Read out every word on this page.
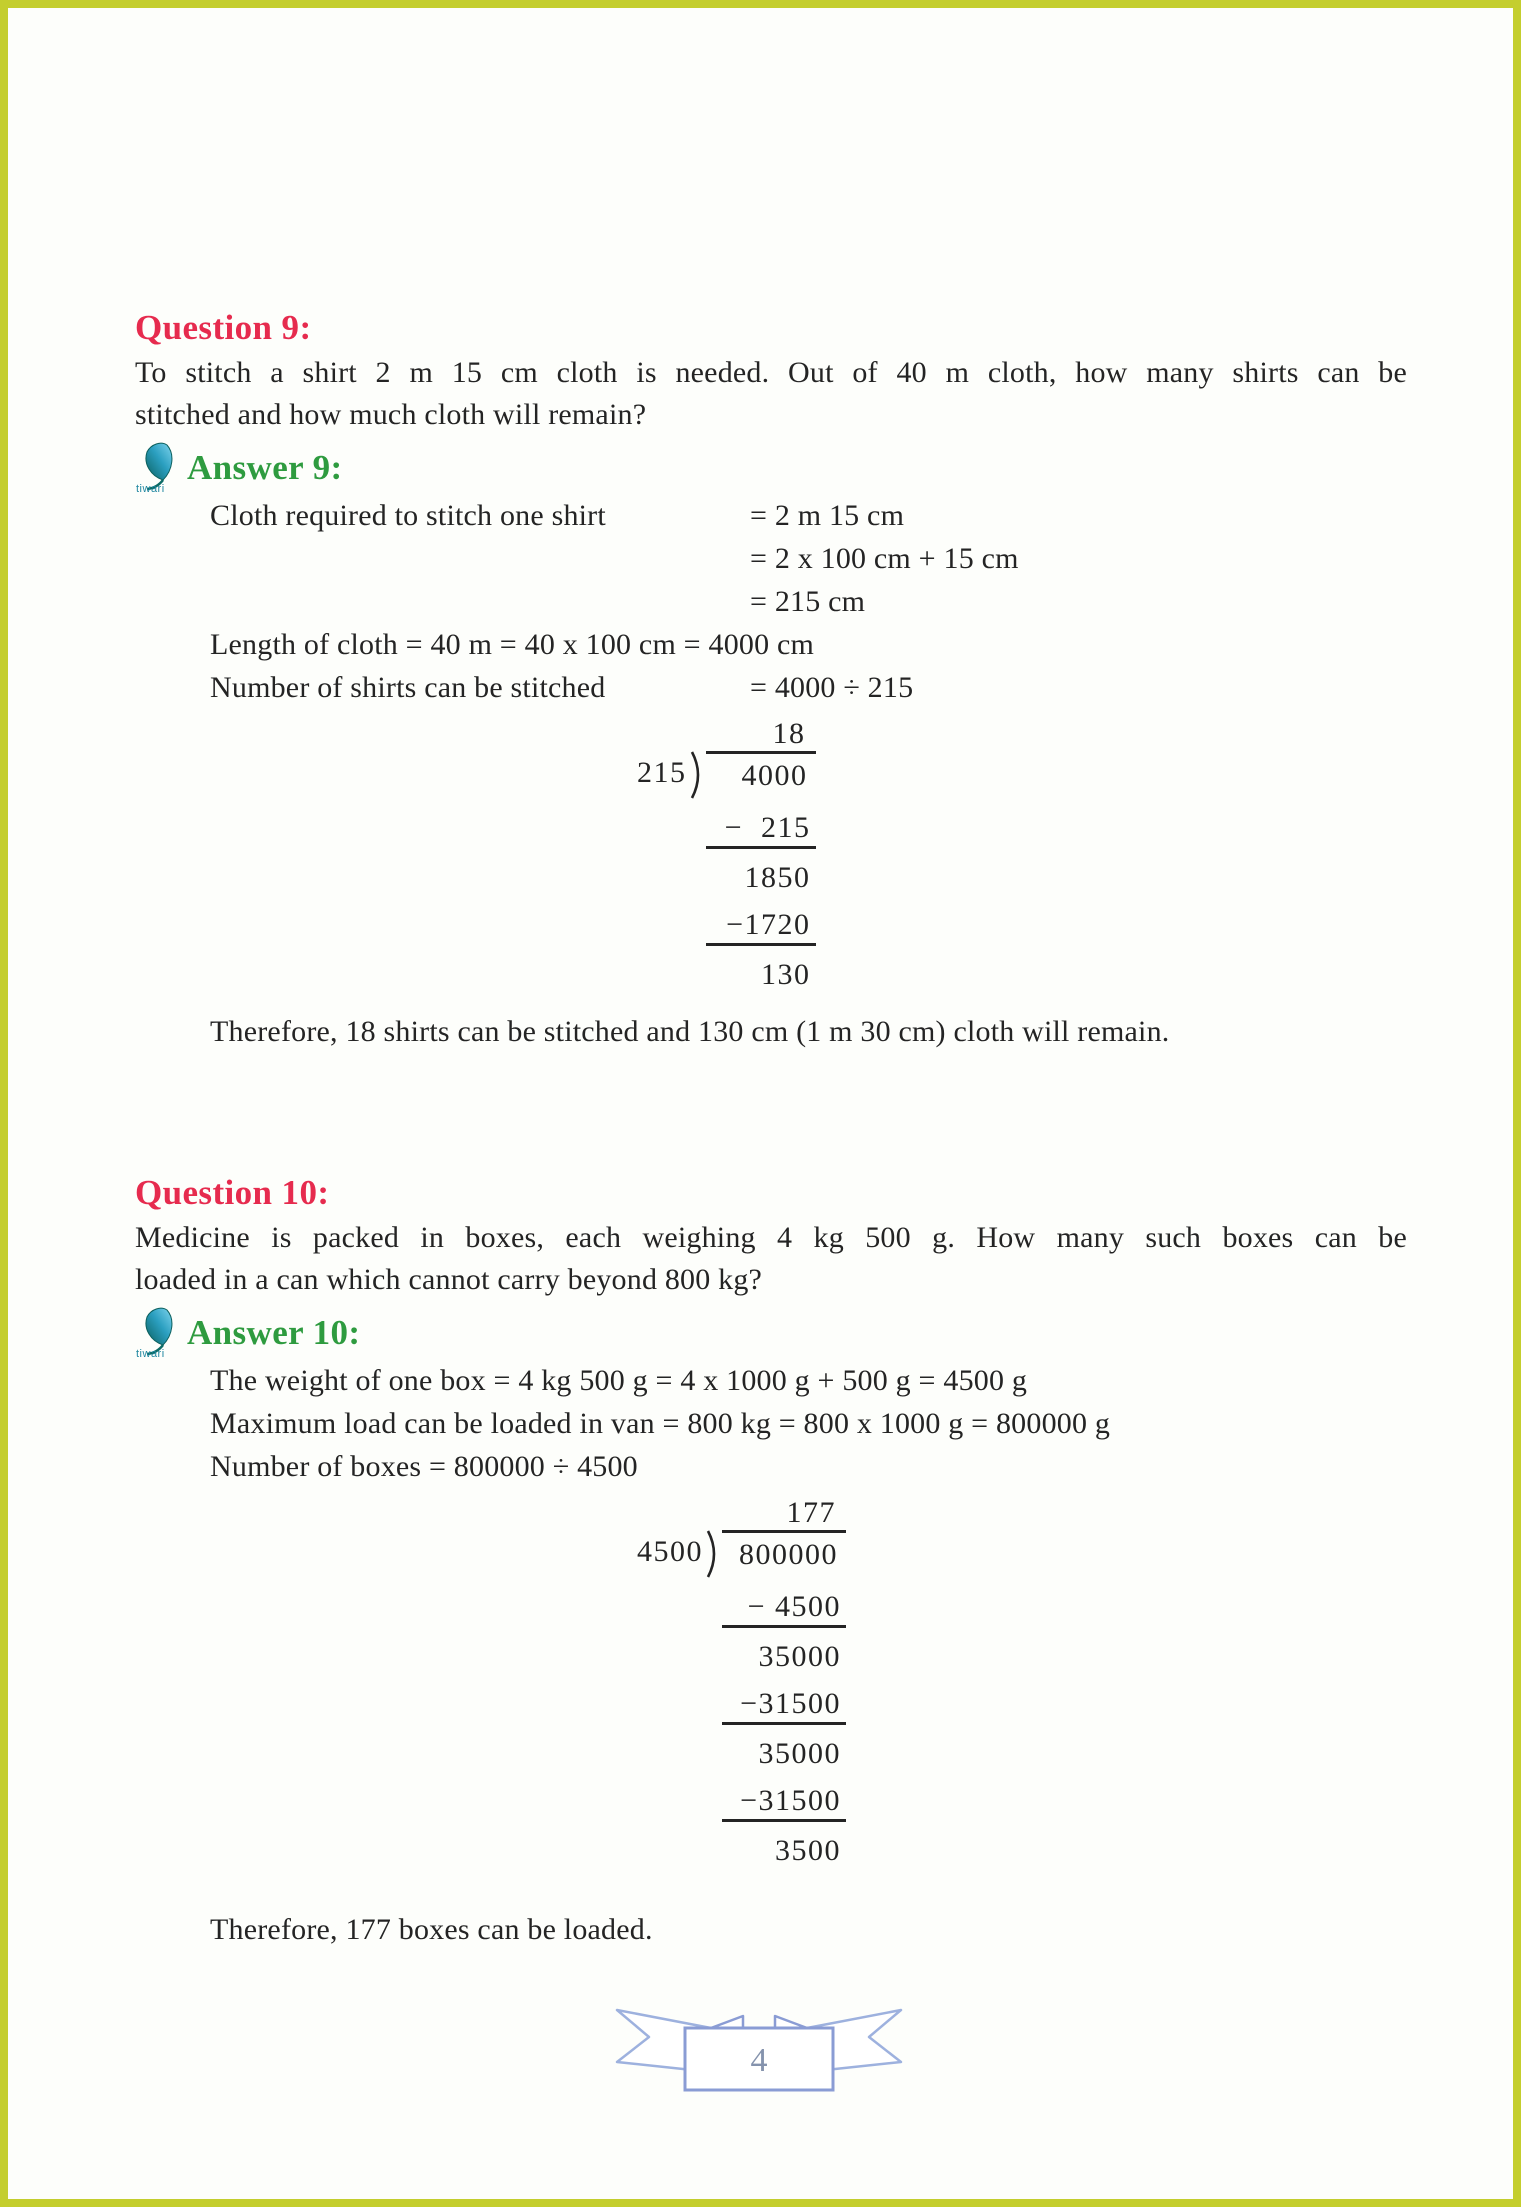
Question 9:
To stitch a shirt 2 m 15 cm cloth is needed. Out of 40 m cloth, how many shirts can be
stitched and how much cloth will remain?
tiwari
Answer 9:
Cloth required to stitch one shirt	= 2 m 15 cm
= 2 x 100 cm + 15 cm
= 215 cm
Length of cloth = 40 m = 40 x 100 cm = 4000 cm
Number of shirts can be stitched	= 4000 ÷ 215
18
215	4000
−  215
1850
−1720
130
Therefore, 18 shirts can be stitched and 130 cm (1 m 30 cm) cloth will remain.
Question 10:
Medicine is packed in boxes, each weighing 4 kg 500 g. How many such boxes can be
loaded in a can which cannot carry beyond 800 kg?
tiwari
Answer 10:
The weight of one box = 4 kg 500 g = 4 x 1000 g + 500 g = 4500 g
Maximum load can be loaded in van = 800 kg = 800 x 1000 g = 800000 g
Number of boxes = 800000 ÷ 4500
177
4500	800000
− 4500
35000
−31500
35000
−31500
3500
Therefore, 177 boxes can be loaded.
4
